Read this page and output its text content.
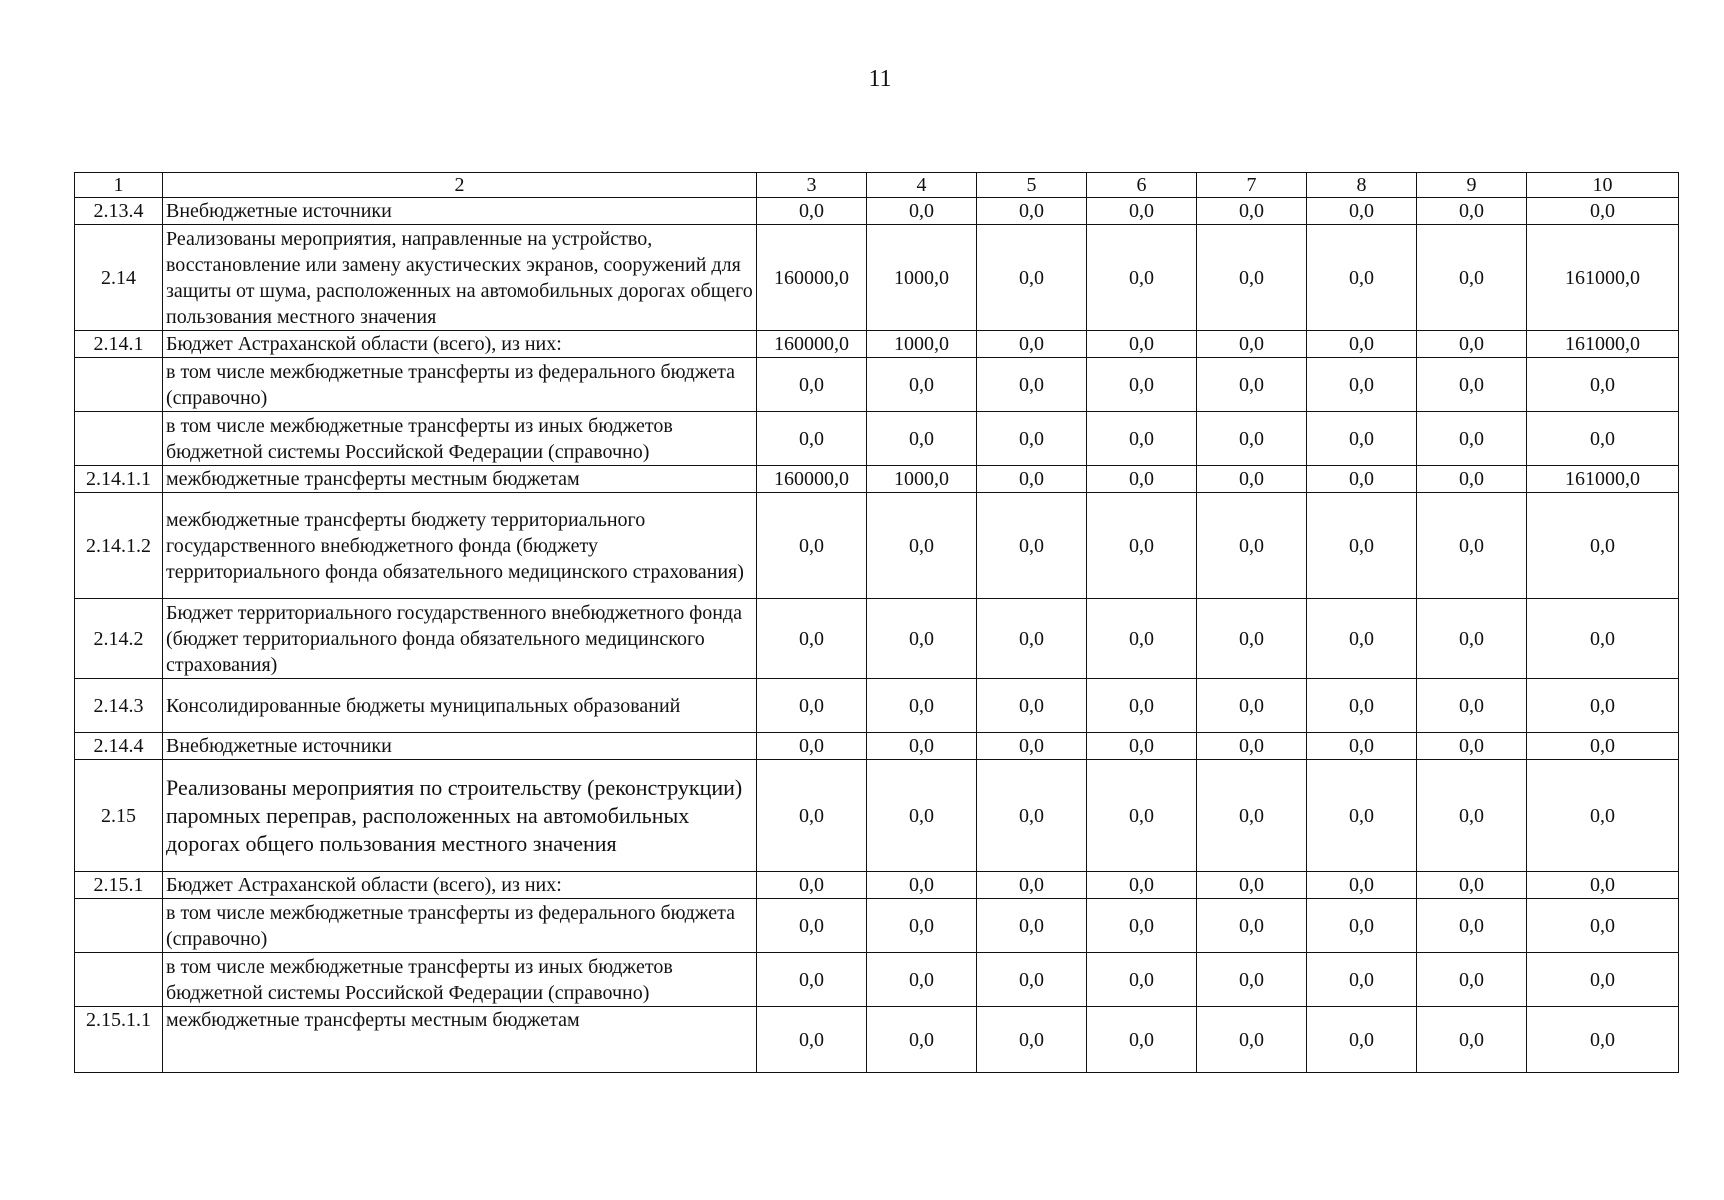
11
1	2	3	4	5	6	7	8	9	10
2.13.4	Внебюджетные источники	0,0	0,0	0,0	0,0	0,0	0,0	0,0	0,0
2.14	Реализованы мероприятия, направленные на устройство, восстановление или замену акустических экранов, сооружений для защиты от шума, расположенных на автомобильных дорогах общего пользования местного значения	160000,0	1000,0	0,0	0,0	0,0	0,0	0,0	161000,0
2.14.1	Бюджет Астраханской области (всего), из них:	160000,0	1000,0	0,0	0,0	0,0	0,0	0,0	161000,0
	в том числе межбюджетные трансферты из федерального бюджета (справочно)	0,0	0,0	0,0	0,0	0,0	0,0	0,0	0,0
	в том числе межбюджетные трансферты из иных бюджетов бюджетной системы Российской Федерации (справочно)	0,0	0,0	0,0	0,0	0,0	0,0	0,0	0,0
2.14.1.1	межбюджетные трансферты местным бюджетам	160000,0	1000,0	0,0	0,0	0,0	0,0	0,0	161000,0
2.14.1.2	межбюджетные трансферты бюджету территориального государственного внебюджетного фонда (бюджету территориального фонда обязательного медицинского страхования)	0,0	0,0	0,0	0,0	0,0	0,0	0,0	0,0
2.14.2	Бюджет территориального государственного внебюджетного фонда (бюджет территориального фонда обязательного медицинского страхования)	0,0	0,0	0,0	0,0	0,0	0,0	0,0	0,0
2.14.3	Консолидированные бюджеты муниципальных образований	0,0	0,0	0,0	0,0	0,0	0,0	0,0	0,0
2.14.4	Внебюджетные источники	0,0	0,0	0,0	0,0	0,0	0,0	0,0	0,0
2.15	Реализованы мероприятия по строительству (реконструкции) паромных переправ, расположенных на автомобильных дорогах общего пользования местного значения	0,0	0,0	0,0	0,0	0,0	0,0	0,0	0,0
2.15.1	Бюджет Астраханской области (всего), из них:	0,0	0,0	0,0	0,0	0,0	0,0	0,0	0,0
	в том числе межбюджетные трансферты из федерального бюджета (справочно)	0,0	0,0	0,0	0,0	0,0	0,0	0,0	0,0
	в том числе межбюджетные трансферты из иных бюджетов бюджетной системы Российской Федерации (справочно)	0,0	0,0	0,0	0,0	0,0	0,0	0,0	0,0
2.15.1.1	межбюджетные трансферты местным бюджетам	0,0	0,0	0,0	0,0	0,0	0,0	0,0	0,0
